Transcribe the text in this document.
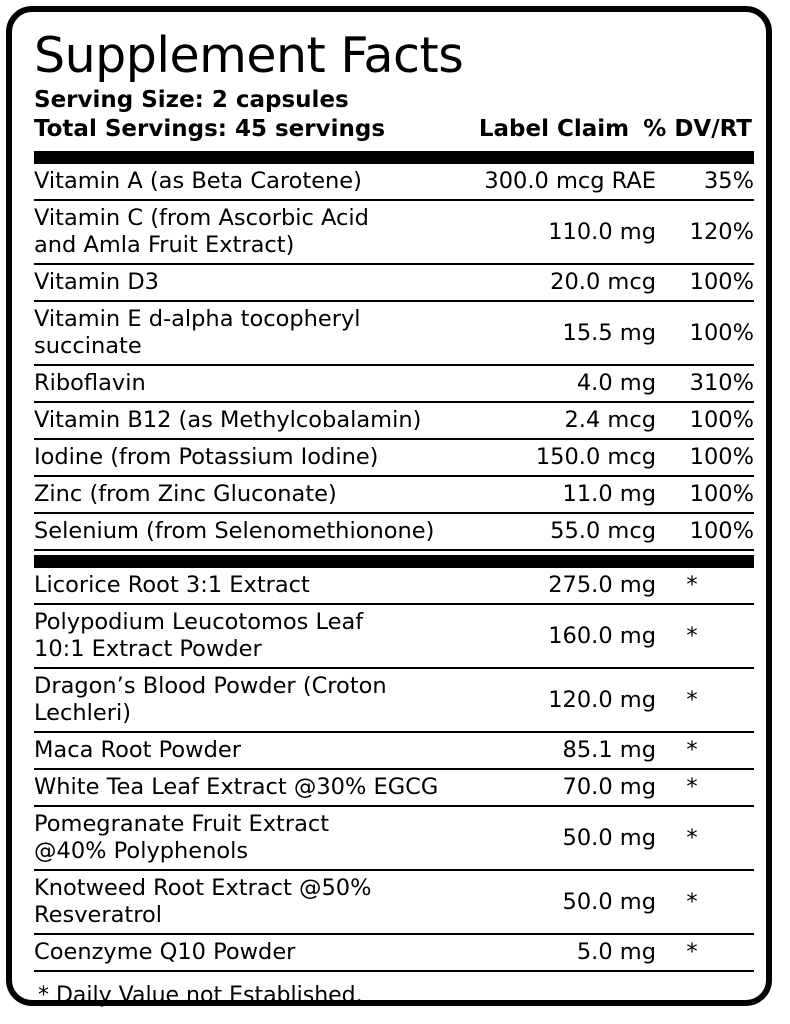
Supplement Facts
Serving Size: 2 capsules
Total Servings: 45 servings	Label Claim % DV/RT
Vitamin A (as Beta Carotene)	300.0 mcg RAE	35%
Vitamin C (from Ascorbic Acid
and Amla Fruit Extract)	110.0 mg	120%
Vitamin D3	20.0 mcg	100%
Vitamin E d-alpha tocopheryl succinate	15.5 mg	100%
Riboflavin	4.0 mg	310%
Vitamin B12 (as Methylcobalamin)	2.4 mcg	100%
Iodine (from Potassium Iodine)	150.0 mcg	100%
Zinc (from Zinc Gluconate)	11.0 mg	100%
Selenium (from Selenomethionone)	55.0 mcg	100%
Licorice Root 3:1 Extract	275.0 mg	*
Polypodium Leucotomos Leaf
10:1 Extract Powder	160.0 mg	*
Dragon’s Blood Powder (Croton Lechleri)	120.0 mg	*
Maca Root Powder	85.1 mg	*
White Tea Leaf Extract @30% EGCG	70.0 mg	*
Pomegranate Fruit Extract
@40% Polyphenols	50.0 mg	*
Knotweed Root Extract @50% Resveratrol	50.0 mg	*
Coenzyme Q10 Powder	5.0 mg	*
* Daily Value not Established.
